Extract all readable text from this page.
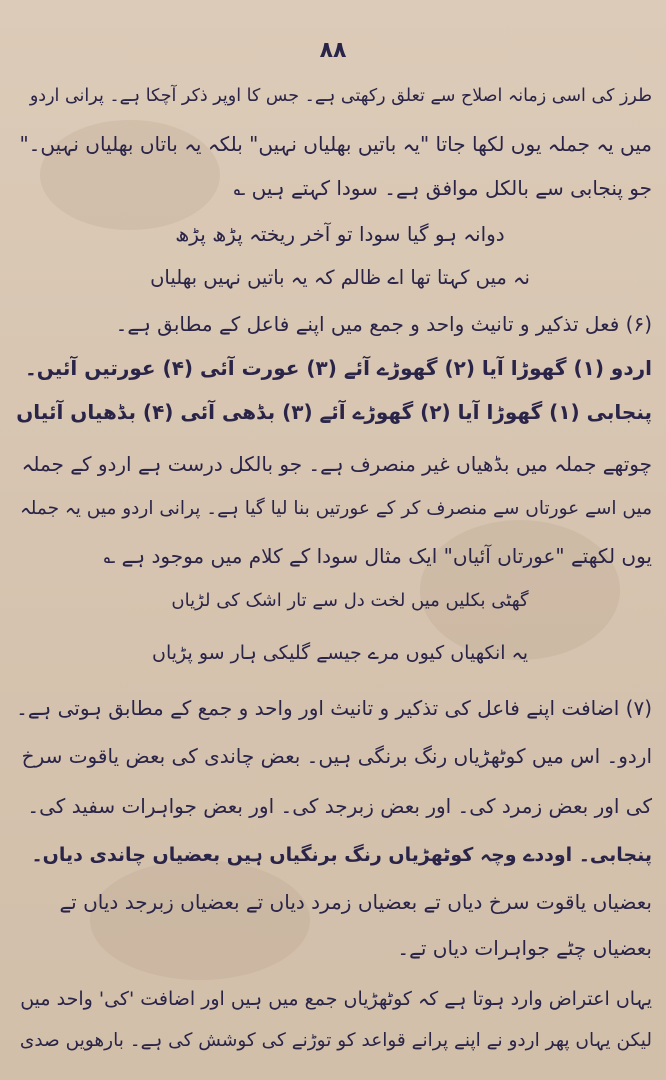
۸۸
طرز کی اسی زمانہ اصلاح سے تعلق رکھتی ہے۔ جس کا اوپر ذکر آچکا ہے۔ پرانی اردو
میں یہ جملہ یوں لکھا جاتا "یہ باتیں بھلیاں نہیں" بلکہ یہ باتاں بھلیاں نہیں۔"
جو پنجابی سے بالکل موافق ہے۔ سودا کہتے ہیں ؎
دوانہ ہو گیا سودا تو آخر ریختہ پڑھ پڑھ
نہ میں کہتا تھا اے ظالم کہ یہ باتیں نہیں بھلیاں
(۶) فعل تذکیر و تانیث واحد و جمع میں اپنے فاعل کے مطابق ہے۔
اردو (۱) گھوڑا آیا (۲) گھوڑے آئے (۳) عورت آئی (۴) عورتیں آئیں۔
پنجابی (۱) گھوڑا آیا (۲) گھوڑے آئے (۳) بڈھی آئی (۴) بڈھیاں آئیاں
چوتھے جملہ میں بڈھیاں غیر منصرف ہے۔ جو بالکل درست ہے اردو کے جملہ
میں اسے عورتاں سے منصرف کر کے عورتیں بنا لیا گیا ہے۔ پرانی اردو میں یہ جملہ
یوں لکھتے "عورتاں آئیاں" ایک مثال سودا کے کلام میں موجود ہے ؎
گھٹی بکلیں میں لخت دل سے تار اشک کی لڑیاں
یہ انکھیاں کیوں مرے جیسے گلیکی ہار سو پڑیاں
(۷) اضافت اپنے فاعل کی تذکیر و تانیث اور واحد و جمع کے مطابق ہوتی ہے۔
اردو۔ اس میں کوٹھڑیاں رنگ برنگی ہیں۔ بعض چاندی کی بعض یاقوت سرخ
کی اور بعض زمرد کی۔ اور بعض زبرجد کی۔ اور بعض جواہرات سفید کی۔
پنجابی۔ اوددے وچہ کوٹھڑیاں رنگ برنگیاں ہیں بعضیاں چاندی دیاں۔
بعضیاں یاقوت سرخ دیاں تے بعضیاں زمرد دیاں تے بعضیاں زبرجد دیاں تے
بعضیاں چٹے جواہرات دیاں تے۔
یہاں اعتراض وارد ہوتا ہے کہ کوٹھڑیاں جمع میں ہیں اور اضافت 'کی' واحد میں
لیکن یہاں پھر اردو نے اپنے پرانے قواعد کو توڑنے کی کوشش کی ہے۔ بارھویں صدی
